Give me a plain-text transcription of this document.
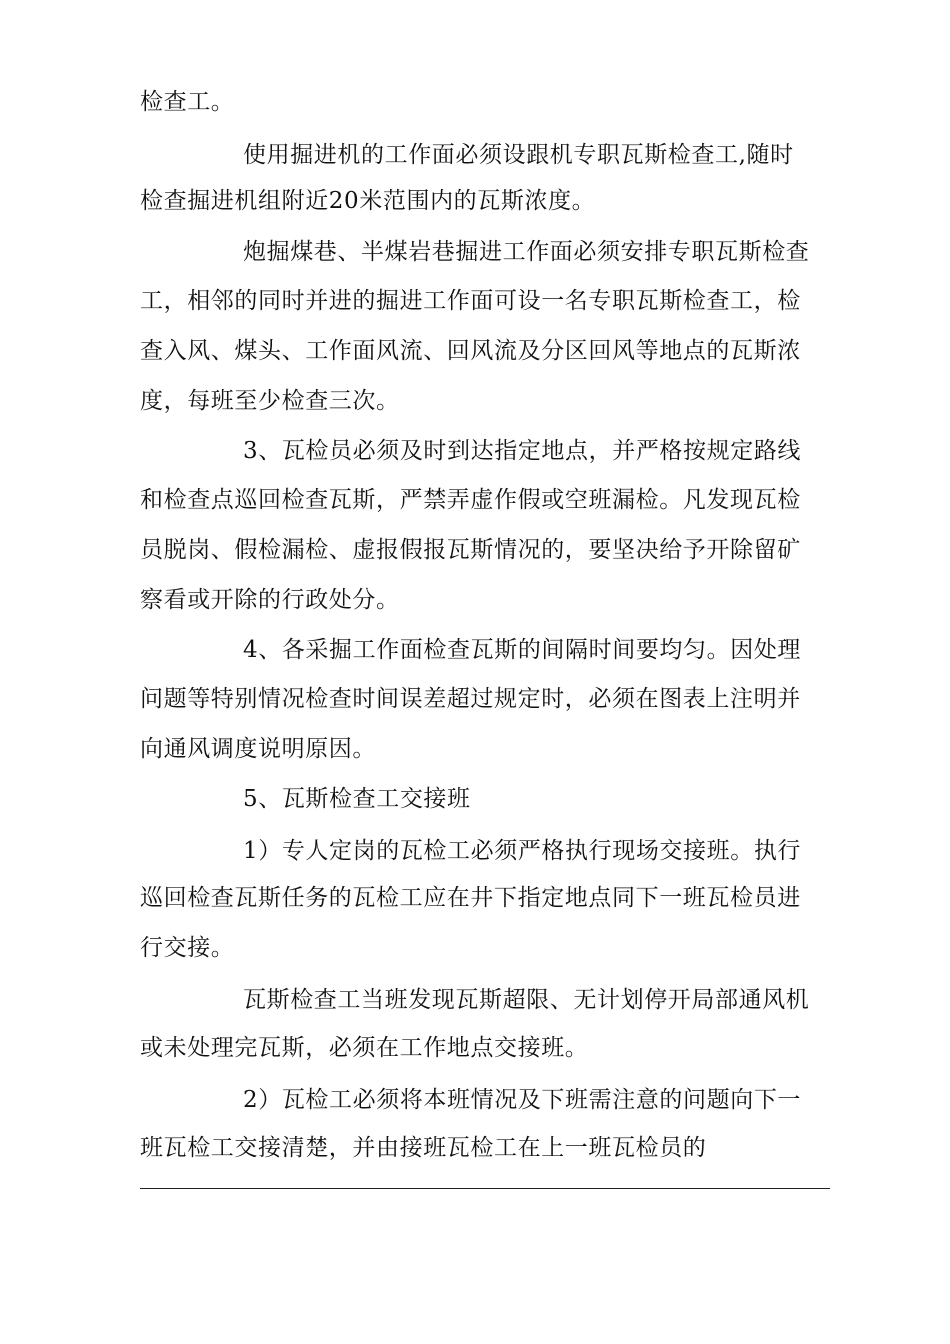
检查工。
使用掘进机的工作面必须设跟机专职瓦斯检查工,随时
检查掘进机组附近20米范围内的瓦斯浓度。
炮掘煤巷、半煤岩巷掘进工作面必须安排专职瓦斯检查
工，相邻的同时并进的掘进工作面可设一名专职瓦斯检查工，检
查入风、煤头、工作面风流、回风流及分区回风等地点的瓦斯浓
度，每班至少检查三次。
3、瓦检员必须及时到达指定地点，并严格按规定路线
和检查点巡回检查瓦斯，严禁弄虚作假或空班漏检。凡发现瓦检
员脱岗、假检漏检、虚报假报瓦斯情况的，要坚决给予开除留矿
察看或开除的行政处分。
4、各采掘工作面检查瓦斯的间隔时间要均匀。因处理
问题等特别情况检查时间误差超过规定时，必须在图表上注明并
向通风调度说明原因。
5、瓦斯检查工交接班
1）专人定岗的瓦检工必须严格执行现场交接班。执行
巡回检查瓦斯任务的瓦检工应在井下指定地点同下一班瓦检员进
行交接。
瓦斯检查工当班发现瓦斯超限、无计划停开局部通风机
或未处理完瓦斯，必须在工作地点交接班。
2）瓦检工必须将本班情况及下班需注意的问题向下一
班瓦检工交接清楚，并由接班瓦检工在上一班瓦检员的
